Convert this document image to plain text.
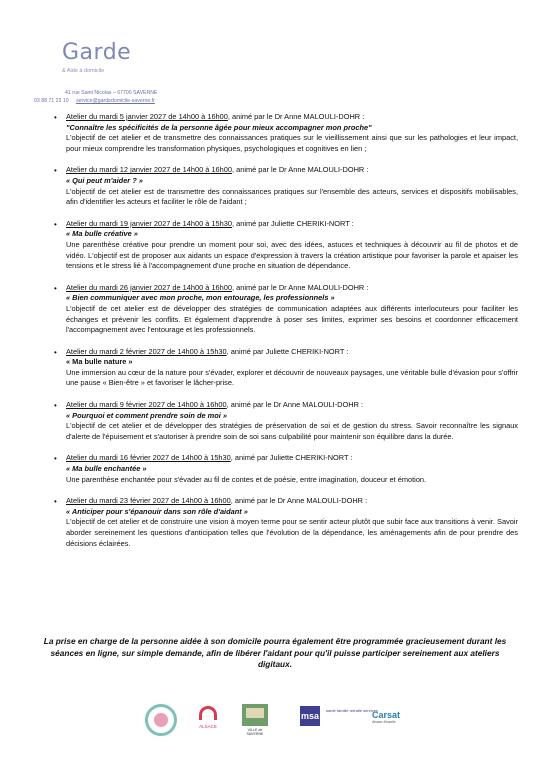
Garde
& Aide à domicile
41 rue Saint Nicolas – 67700 SAVERNE
03 88 71 23 10 service@gardedomicile-saverne.fr
• Atelier du mardi 5 janvier 2027 de 14h00 à 16h00, animé par le Dr Anne MALOULI-DOHR :
"Connaître les spécificités de la personne âgée pour mieux accompagner mon proche"
L'objectif de cet atelier et de transmettre des connaissances pratiques sur le vieillissement ainsi que sur les pathologies et leur impact, pour mieux comprendre les transformation physiques, psychologiques et cognitives en lien ;
• Atelier du mardi 12 janvier 2027 de 14h00 à 16h00, animé par le Dr Anne MALOULI-DOHR :
« Qui peut m'aider ? »
L'objectif de cet atelier est de transmettre des connaissances pratiques sur l'ensemble des acteurs, services et dispositifs mobilisables, afin d'identifier les acteurs et faciliter le rôle de l'aidant ;
• Atelier du mardi 19 janvier 2027 de 14h00 à 15h30, animé par Juliette CHERIKI-NORT :
« Ma bulle créative »
Une parenthèse créative pour prendre un moment pour soi, avec des idées, astuces et techniques à découvrir au fil de photos et de vidéo. L'objectif est de proposer aux aidants un espace d'expression à travers la création artistique pour favoriser la parole et apaiser les tensions et le stress lié à l'accompagnement d'une proche en situation de dépendance.
• Atelier du mardi 26 janvier 2027 de 14h00 à 16h00, animé par le Dr Anne MALOULI-DOHR :
« Bien communiquer avec mon proche, mon entourage, les professionnels »
L'objectif de cet atelier est de développer des stratégies de communication adaptées aux différents interlocuteurs pour faciliter les échanges et prévenir les conflits. Et également d'apprendre à poser ses limites, exprimer ses besoins et coordonner efficacement l'accompagnement avec l'entourage et les professionnels.
• Atelier du mardi 2 février 2027 de 14h00 à 15h30, animé par Juliette CHERIKI-NORT :
« Ma bulle nature »
Une immersion au cœur de la nature pour s'évader, explorer et découvrir de nouveaux paysages, une véritable bulle d'évasion pour s'offrir une pause « Bien-être » et favoriser le lâcher-prise.
• Atelier du mardi 9 février 2027 de 14h00 à 16h00, animé par le Dr Anne MALOULI-DOHR :
« Pourquoi et comment prendre soin de moi »
L'objectif de cet atelier et de développer des stratégies de préservation de soi et de gestion du stress. Savoir reconnaître les signaux d'alerte de l'épuisement et s'autoriser à prendre soin de soi sans culpabilité pour maintenir son équilibre dans la durée.
• Atelier du mardi 16 février 2027 de 14h00 à 15h30, animé par Juliette CHERIKI-NORT :
« Ma bulle enchantée »
Une parenthèse enchantée pour s'évader au fil de contes et de poésie, entre imagination, douceur et émotion.
• Atelier du mardi 23 février 2027 de 14h00 à 16h00, animé par le Dr Anne MALOULI-DOHR :
« Anticiper pour s'épanouir dans son rôle d'aidant »
L'objectif de cet atelier et de construire une vision à moyen terme pour se sentir acteur plutôt que subir face aux transitions à venir. Savoir aborder sereinement les questions d'anticipation telles que l'évolution de la dépendance, les aménagements afin de pour prendre des décisions éclairées.
La prise en charge de la personne aidée à son domicile pourra également être programmée gracieusement durant les séances en ligne, sur simple demande, afin de libérer l'aidant pour qu'il puisse participer sereinement aux ateliers digitaux.
ALSACE
VILLE de SAVERNE
msa
santé famille retraite services
Carsat
Alsace-Moselle
